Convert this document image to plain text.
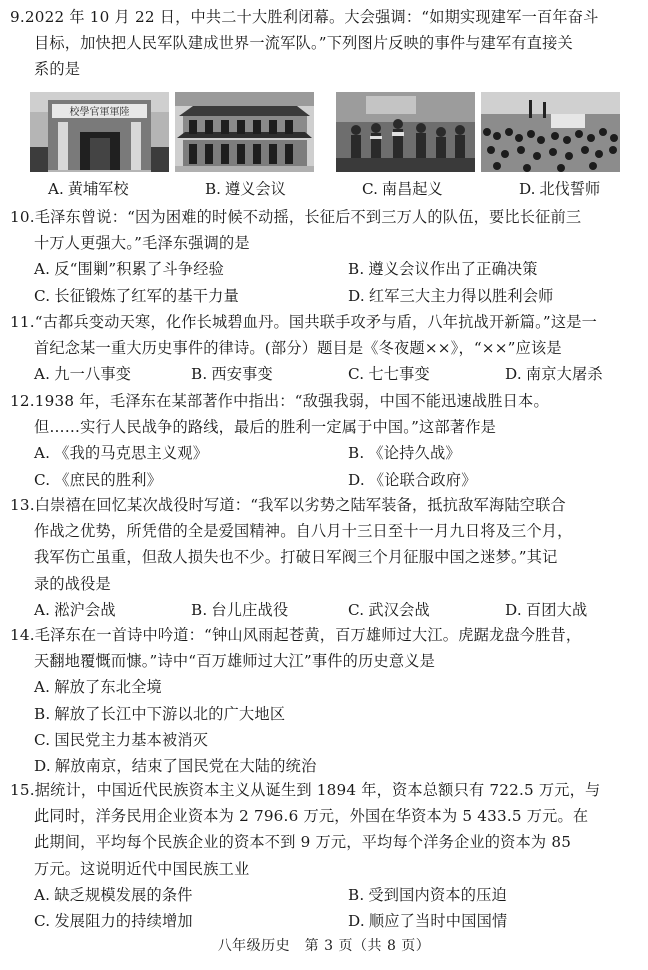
9.2022 年 10 月 22 日，中共二十大胜利闭幕。大会强调：“如期实现建军一百年奋斗
目标，加快把人民军队建成世界一流军队。”下列图片反映的事件与建军有直接关
系的是
校學官軍軍陸
A. 黄埔军校	B. 遵义会议	C. 南昌起义	D. 北伐誓师
10.毛泽东曾说：“因为困难的时候不动摇，长征后不到三万人的队伍，要比长征前三
十万人更强大。”毛泽东强调的是
A. 反“围剿”积累了斗争经验	B. 遵义会议作出了正确决策
C. 长征锻炼了红军的基干力量	D. 红军三大主力得以胜利会师
11.“古都兵变动天寒，化作长城碧血丹。国共联手攻矛与盾，八年抗战开新篇。”这是一
首纪念某一重大历史事件的律诗。(部分）题目是《冬夜题××》，“××”应该是
A. 九一八事变	B. 西安事变	C. 七七事变	D. 南京大屠杀
12.1938 年，毛泽东在某部著作中指出：“敌强我弱，中国不能迅速战胜日本。
但……实行人民战争的路线，最后的胜利一定属于中国。”这部著作是
A. 《我的马克思主义观》	B. 《论持久战》
C. 《庶民的胜利》	D. 《论联合政府》
13.白崇禧在回忆某次战役时写道：“我军以劣势之陆军装备，抵抗敌军海陆空联合
作战之优势，所凭借的全是爱国精神。自八月十三日至十一月九日将及三个月，
我军伤亡虽重，但敌人损失也不少。打破日军阀三个月征服中国之迷梦。”其记
录的战役是
A. 淞沪会战	B. 台儿庄战役	C. 武汉会战	D. 百团大战
14.毛泽东在一首诗中吟道：“钟山风雨起苍黄，百万雄师过大江。虎踞龙盘今胜昔，
天翻地覆慨而慷。”诗中“百万雄师过大江”事件的历史意义是
A. 解放了东北全境
B. 解放了长江中下游以北的广大地区
C. 国民党主力基本被消灭
D. 解放南京，结束了国民党在大陆的统治
15.据统计，中国近代民族资本主义从诞生到 1894 年，资本总额只有 722.5 万元，与
此同时，洋务民用企业资本为 2 796.6 万元，外国在华资本为 5 433.5 万元。在
此期间，平均每个民族企业的资本不到 9 万元，平均每个洋务企业的资本为 85
万元。这说明近代中国民族工业
A. 缺乏规模发展的条件	B. 受到国内资本的压迫
C. 发展阻力的持续增加	D. 顺应了当时中国国情
八年级历史　第 3 页（共 8 页）
